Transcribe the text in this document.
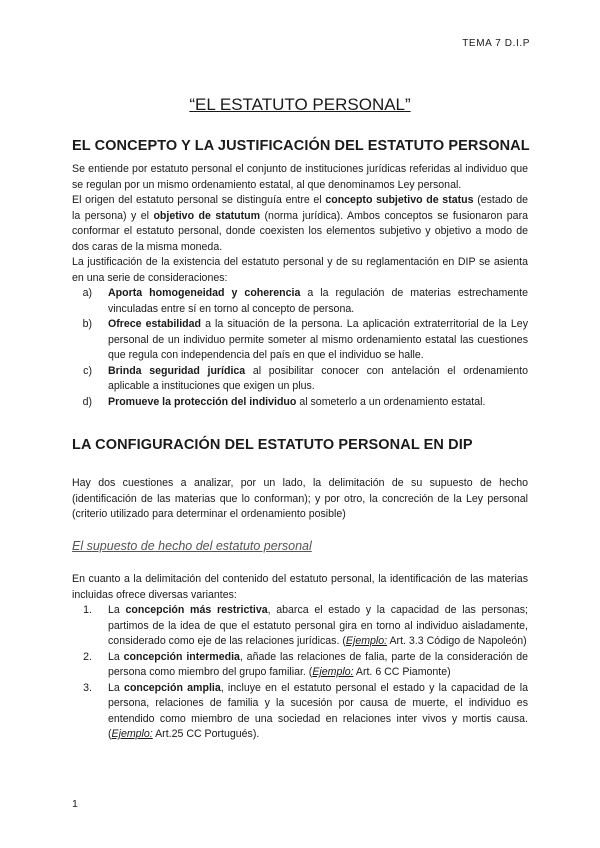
TEMA 7 D.I.P
“EL ESTATUTO PERSONAL”
EL CONCEPTO Y LA JUSTIFICACIÓN DEL ESTATUTO PERSONAL

Se entiende por estatuto personal el conjunto de instituciones jurídicas referidas al individuo que se regulan por un mismo ordenamiento estatal, al que denominamos Ley personal.

El origen del estatuto personal se distinguía entre el concepto subjetivo de status (estado de la persona) y el objetivo de statutum (norma jurídica). Ambos conceptos se fusionaron para conformar el estatuto personal, donde coexisten los elementos subjetivo y objetivo a modo de dos caras de la misma moneda.

La justificación de la existencia del estatuto personal y de su reglamentación en DIP se asienta en una serie de consideraciones:

a)	Aporta homogeneidad y coherencia a la regulación de materias estrechamente vinculadas entre sí en torno al concepto de persona.
b)	Ofrece estabilidad a la situación de la persona. La aplicación extraterritorial de la Ley personal de un individuo permite someter al mismo ordenamiento estatal las cuestiones que regula con independencia del país en que el individuo se halle.
c)	Brinda seguridad jurídica al posibilitar conocer con antelación el ordenamiento aplicable a instituciones que exigen un plus.
d)	Promueve la protección del individuo al someterlo a un ordenamiento estatal.
LA CONFIGURACIÓN DEL ESTATUTO PERSONAL EN DIP
Hay dos cuestiones a analizar, por un lado, la delimitación de su supuesto de hecho (identificación de las materias que lo conforman); y por otro, la concreción de la Ley personal (criterio utilizado para determinar el ordenamiento posible)
El supuesto de hecho del estatuto personal

En cuanto a la delimitación del contenido del estatuto personal, la identificación de las materias incluidas ofrece diversas variantes:

1.	La concepción más restrictiva, abarca el estado y la capacidad de las personas; partimos de la idea de que el estatuto personal gira en torno al individuo aisladamente, considerado como eje de las relaciones jurídicas. (Ejemplo: Art. 3.3 Código de Napoleón)
2.	La concepción intermedia, añade las relaciones de falia, parte de la consideración de persona como miembro del grupo familiar. (Ejemplo: Art. 6 CC Piamonte)
3.	La concepción amplia, incluye en el estatuto personal el estado y la capacidad de la persona, relaciones de familia y la sucesión por causa de muerte, el individuo es entendido como miembro de una sociedad en relaciones inter vivos y mortis causa. (Ejemplo: Art.25 CC Portugués).
1
